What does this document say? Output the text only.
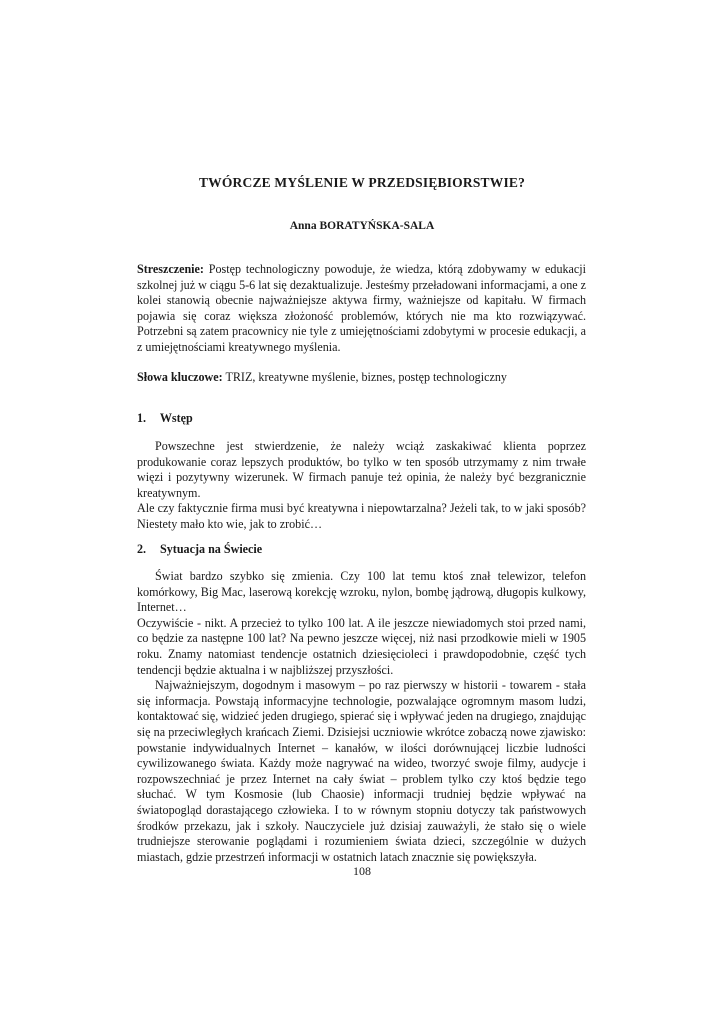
TWÓRCZE MYŚLENIE W PRZEDSIĘBIORSTWIE?
Anna BORATYŃSKA-SALA

Streszczenie: Postęp technologiczny powoduje, że wiedza, którą zdobywamy w edukacji szkolnej już w ciągu 5-6 lat się dezaktualizuje. Jesteśmy przeładowani informacjami, a one z kolei stanowią obecnie najważniejsze aktywa firmy, ważniejsze od kapitału. W firmach pojawia się coraz większa złożoność problemów, których nie ma kto rozwiązywać. Potrzebni są zatem pracownicy nie tyle z umiejętnościami zdobytymi w procesie edukacji, a z umiejętnościami kreatywnego myślenia.

Słowa kluczowe: TRIZ, kreatywne myślenie, biznes, postęp technologiczny

1. Wstęp

Powszechne jest stwierdzenie, że należy wciąż zaskakiwać klienta poprzez produkowanie coraz lepszych produktów, bo tylko w ten sposób utrzymamy z nim trwałe więzi i pozytywny wizerunek. W firmach panuje też opinia, że należy być bezgranicznie kreatywnym.

Ale czy faktycznie firma musi być kreatywna i niepowtarzalna? Jeżeli tak, to w jaki sposób? Niestety mało kto wie, jak to zrobić…

2. Sytuacja na Świecie

Świat bardzo szybko się zmienia. Czy 100 lat temu ktoś znał telewizor, telefon komórkowy, Big Mac, laserową korekcję wzroku, nylon, bombę jądrową, długopis kulkowy, Internet…

Oczywiście - nikt. A przecież to tylko 100 lat. A ile jeszcze niewiadomych stoi przed nami, co będzie za następne 100 lat? Na pewno jeszcze więcej, niż nasi przodkowie mieli w 1905 roku. Znamy natomiast tendencje ostatnich dziesięcioleci i prawdopodobnie, część tych tendencji będzie aktualna i w najbliższej przyszłości.

Najważniejszym, dogodnym i masowym – po raz pierwszy w historii - towarem - stała się informacja. Powstają informacyjne technologie, pozwalające ogromnym masom ludzi, kontaktować się, widzieć jeden drugiego, spierać się i wpływać jeden na drugiego, znajdując się na przeciwległych krańcach Ziemi. Dzisiejsi uczniowie wkrótce zobaczą nowe zjawisko: powstanie indywidualnych Internet – kanałów, w ilości dorównującej liczbie ludności cywilizowanego świata. Każdy może nagrywać na wideo, tworzyć swoje filmy, audycje i rozpowszechniać je przez Internet na cały świat – problem tylko czy ktoś będzie tego słuchać. W tym Kosmosie (lub Chaosie) informacji trudniej będzie wpływać na światopogląd dorastającego człowieka. I to w równym stopniu dotyczy tak państwowych środków przekazu, jak i szkoły. Nauczyciele już dzisiaj zauważyli, że stało się o wiele trudniejsze sterowanie poglądami i rozumieniem świata dzieci, szczególnie w dużych miastach, gdzie przestrzeń informacji w ostatnich latach znacznie się powiększyła.

108
